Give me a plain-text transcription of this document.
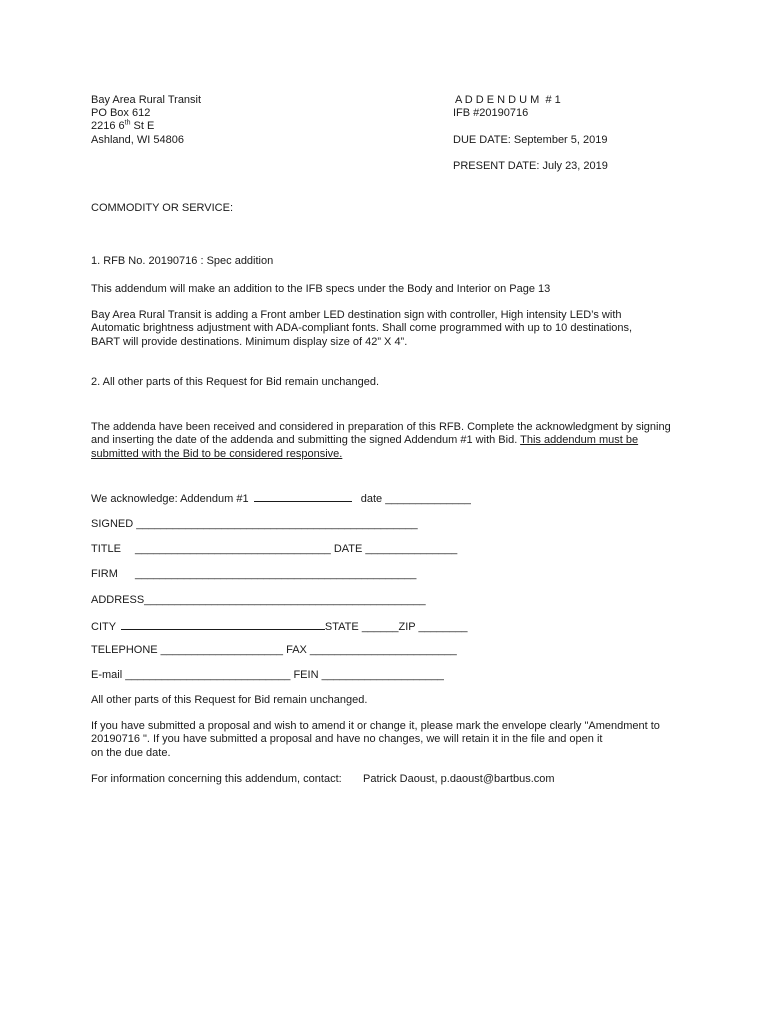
Bay Area Rural Transit
PO Box 612
2216 6th St E
Ashland, WI 54806
A D D E N D U M  # 1
IFB #20190716
DUE DATE: September 5, 2019
PRESENT DATE: July 23, 2019
COMMODITY OR SERVICE:
1. RFB No. 20190716 : Spec addition
This addendum will make an addition to the IFB specs under the Body and Interior on Page 13
Bay Area Rural Transit is adding a Front amber LED destination sign with controller, High intensity LED’s with
Automatic brightness adjustment with ADA-compliant fonts. Shall come programmed with up to 10 destinations,
BART will provide destinations. Minimum display size of 42” X 4”.
2. All other parts of this Request for Bid remain unchanged.
The addenda have been received and considered in preparation of this RFB. Complete the acknowledgment by signing
and inserting the date of the addenda and submitting the signed Addendum #1 with Bid. This addendum must be
submitted with the Bid to be considered responsive.
We acknowledge: Addendum #1	date ______________
SIGNED ______________________________________________
TITLE ________________________________ DATE _______________
FIRM ______________________________________________
ADDRESS______________________________________________
CITY	STATE ______ZIP ________
TELEPHONE ____________________ FAX ________________________
E-mail ___________________________ FEIN ____________________
All other parts of this Request for Bid remain unchanged.
If you have submitted a proposal and wish to amend it or change it, please mark the envelope clearly "Amendment to
20190716 ". If you have submitted a proposal and have no changes, we will retain it in the file and open it
on the due date.
For information concerning this addendum, contact: Patrick Daoust, p.daoust@bartbus.com
